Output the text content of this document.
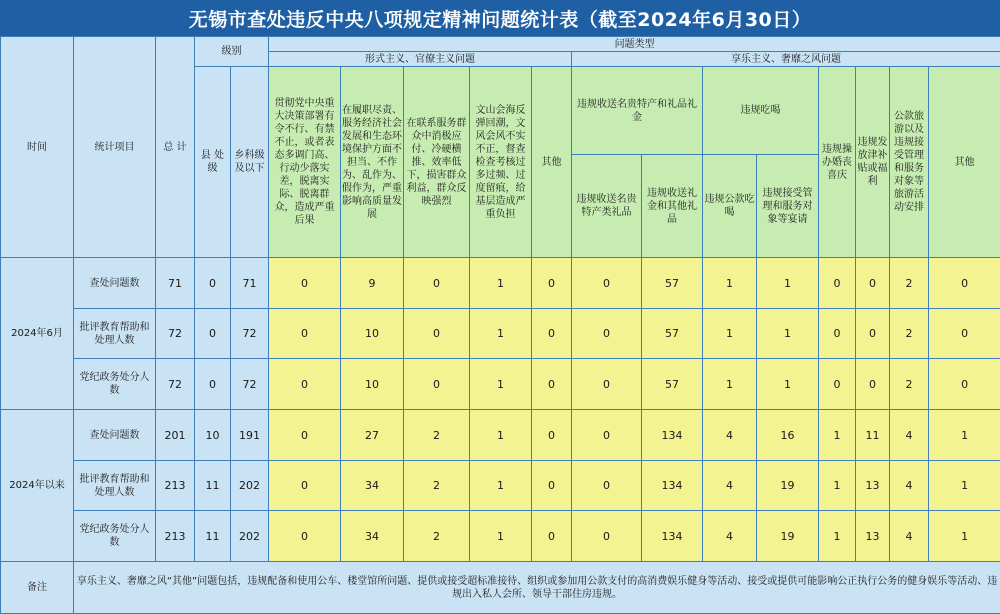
无锡市查处违反中央八项规定精神问题统计表（截至2024年6月30日）
时间	统计项目	总 计	级别		问题类型												
					形式主义、官僚主义问题					享乐主义、奢靡之风问题							
			县 处级	乡科级及以下	贯彻党中央重大决策部署有令不行、有禁不止，或者表态多调门高、行动少落实差，脱离实际、脱离群众，造成严重后果	在履职尽责、服务经济社会发展和生态环境保护方面不担当、不作为、乱作为、假作为，严重影响高质量发展	在联系服务群众中消极应付、冷硬横推、效率低下，损害群众利益，群众反映强烈	文山会海反弹回潮，文风会风不实不正，督查检查考核过多过频、过度留痕，给基层造成严重负担	其他	违规收送名贵特产和礼品礼金		违规吃喝		违规操办婚丧喜庆	违规发放津补贴或福利	公款旅游以及违规接受管理和服务对象等旅游活动安排	其他
										违规收送名贵特产类礼品	违规收送礼金和其他礼品	违规公款吃喝	违规接受管理和服务对象等宴请				
2024年6月	查处问题数	71	0	71	0	9	0	1	0	0	57	1	1	0	0	2	0
	批评教育帮助和处理人数	72	0	72	0	10	0	1	0	0	57	1	1	0	0	2	0
	党纪政务处分人数	72	0	72	0	10	0	1	0	0	57	1	1	0	0	2	0
2024年以来	查处问题数	201	10	191	0	27	2	1	0	0	134	4	16	1	11	4	1
	批评教育帮助和处理人数	213	11	202	0	34	2	1	0	0	134	4	19	1	13	4	1
	党纪政务处分人数	213	11	202	0	34	2	1	0	0	134	4	19	1	13	4	1
备注	享乐主义、奢靡之风“其他”问题包括，违规配备和使用公车、楼堂馆所问题、提供或接受超标准接待、组织或参加用公款支付的高消费娱乐健身等活动、接受或提供可能影响公正执行公务的健身娱乐等活动、违规出入私人会所、领导干部住房违规。																
